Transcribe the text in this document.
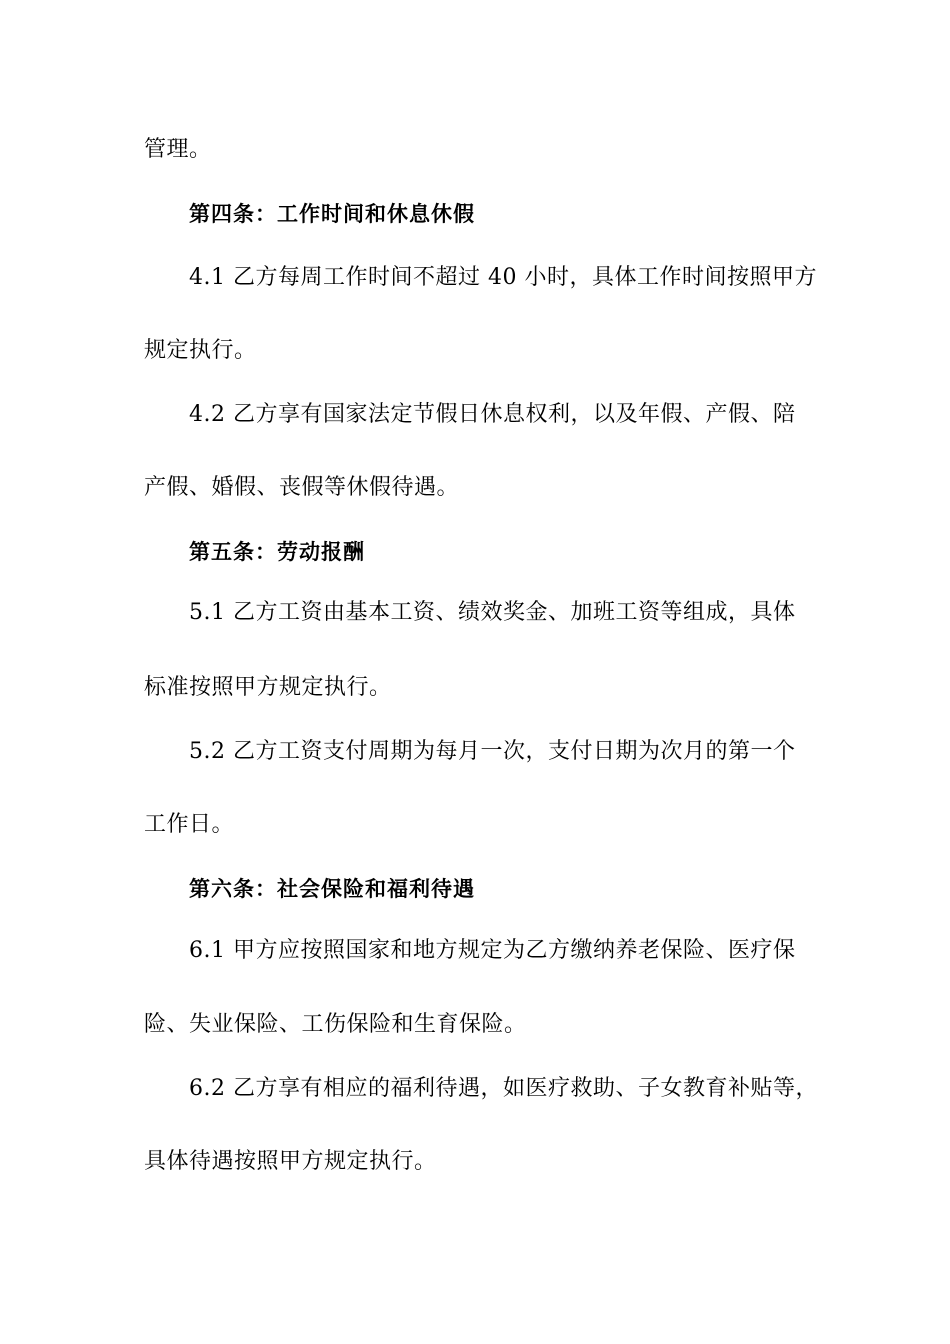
管理。
第四条：工作时间和休息休假
4.1 乙方每周工作时间不超过 40 小时，具体工作时间按照甲方
规定执行。
4.2 乙方享有国家法定节假日休息权利，以及年假、产假、陪
产假、婚假、丧假等休假待遇。
第五条：劳动报酬
5.1 乙方工资由基本工资、绩效奖金、加班工资等组成，具体
标准按照甲方规定执行。
5.2 乙方工资支付周期为每月一次，支付日期为次月的第一个
工作日。
第六条：社会保险和福利待遇
6.1 甲方应按照国家和地方规定为乙方缴纳养老保险、医疗保
险、失业保险、工伤保险和生育保险。
6.2 乙方享有相应的福利待遇，如医疗救助、子女教育补贴等，
具体待遇按照甲方规定执行。
